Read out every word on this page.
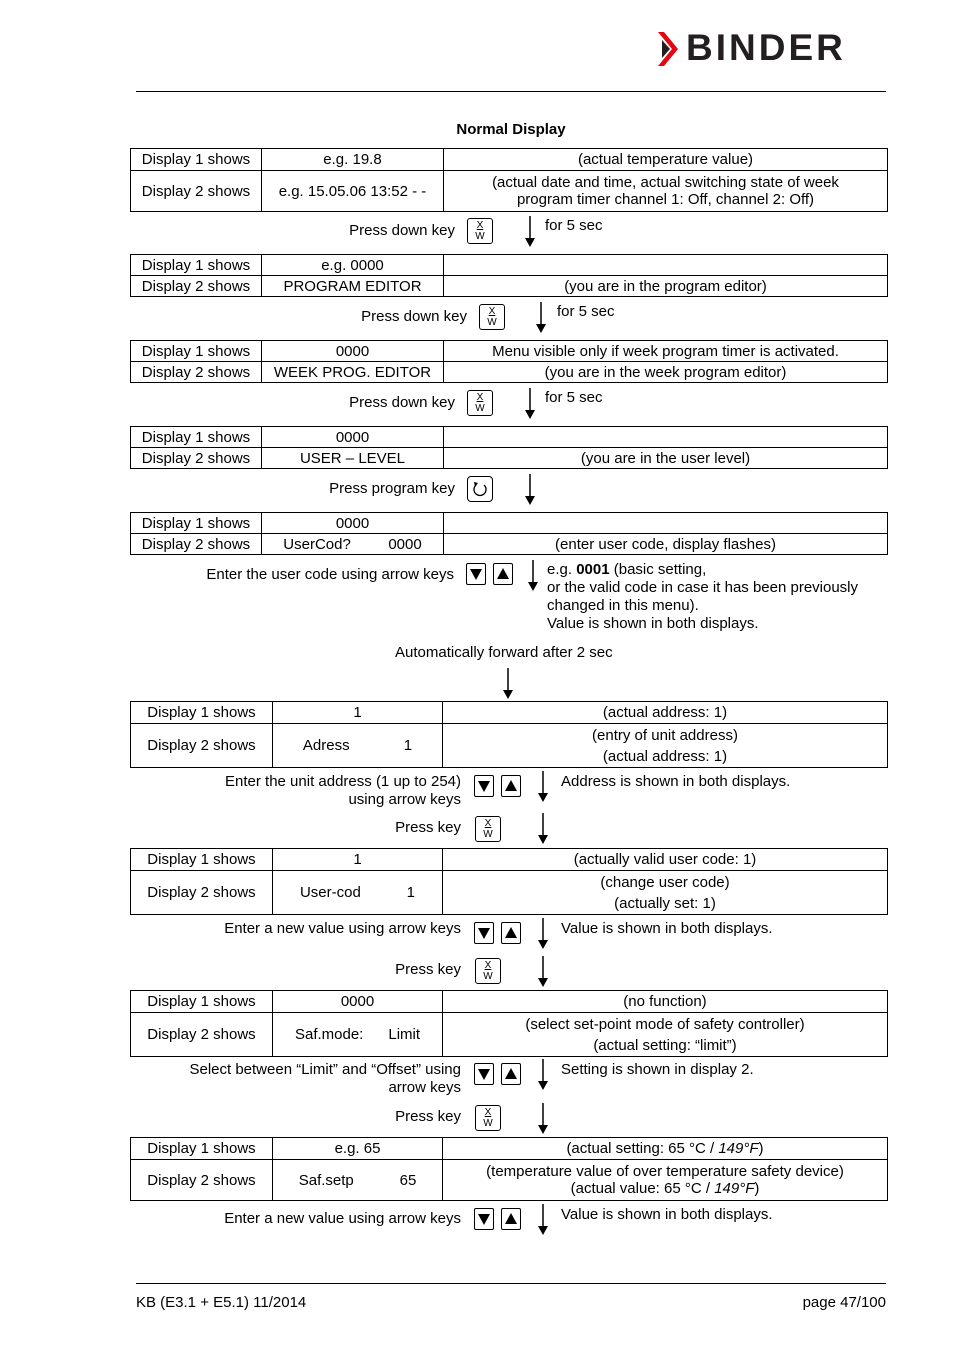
BINDER
Normal Display
Display 1 shows	e.g. 19.8	(actual temperature value)
Display 2 shows	e.g. 15.05.06 13:52 - -	(actual date and time, actual switching state of week program timer channel 1: Off, channel 2: Off)
Press down key	X
W
for 5 sec
Display 1 shows	e.g. 0000	
Display 2 shows	PROGRAM EDITOR	(you are in the program editor)
Press down key	X
W
for 5 sec
Display 1 shows	0000	Menu visible only if week program timer is activated.
Display 2 shows	WEEK PROG. EDITOR	(you are in the week program editor)
Press down key	X
W
for 5 sec
Display 1 shows	0000	
Display 2 shows	USER – LEVEL	(you are in the user level)
Press program key
Display 1 shows	0000	
Display 2 shows	UserCod?         0000	(enter user code, display flashes)
Enter the user code using arrow keys	e.g. 0001 (basic setting,
or the valid code in case it has been previously
changed in this menu).
Value is shown in both displays.
Automatically forward after 2 sec
Display 1 shows	1	(actual address: 1)
Display 2 shows	Adress             1	(entry of unit address)
(actual address: 1)
Enter the unit address (1 up to 254)
using arrow keys
Address is shown in both displays.
Press key	X
W
Display 1 shows	1	(actually valid user code: 1)
Display 2 shows	User-cod           1	(change user code)
(actually set: 1)
Enter a new value using arrow keys	Value is shown in both displays.
Press key	X
W
Display 1 shows	0000	(no function)
Display 2 shows	Saf.mode:      Limit	(select set-point mode of safety controller)
(actual setting: “limit”)
Select between “Limit” and “Offset” using
arrow keys
Setting is shown in display 2.
Press key	X
W
Display 1 shows	e.g. 65	(actual setting: 65 °C / 149°F)
Display 2 shows	Saf.setp           65	(temperature value of over temperature safety device)
(actual value: 65 °C / 149°F)
Enter a new value using arrow keys	Value is shown in both displays.
KB (E3.1 + E5.1) 11/2014	page 47/100
